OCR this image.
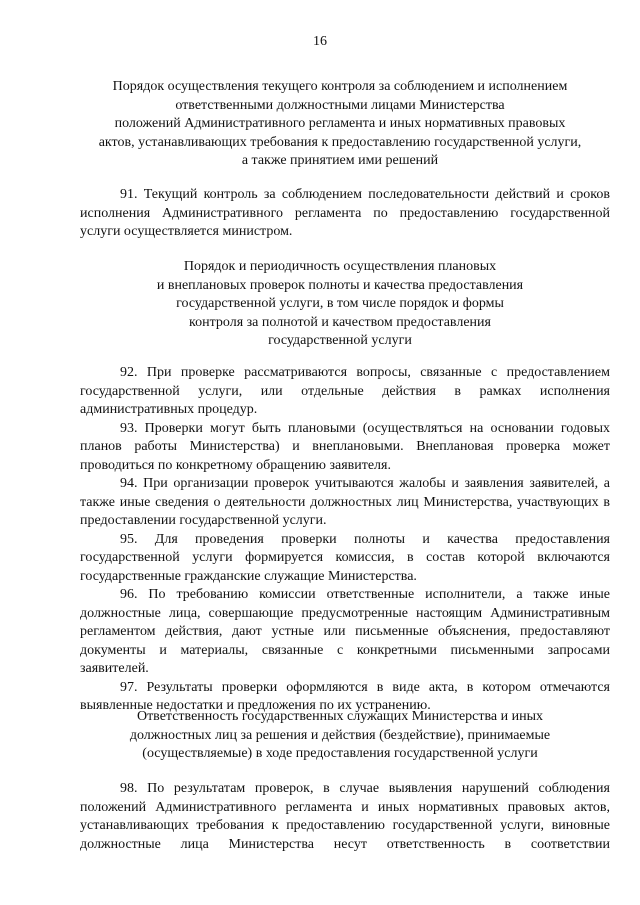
16
Порядок осуществления текущего контроля за соблюдением и исполнением
ответственными должностными лицами Министерства
положений Административного регламента и иных нормативных правовых
актов, устанавливающих требования к предоставлению государственной услуги,
а также принятием ими решений

91. Текущий контроль за соблюдением последовательности действий и сроков исполнения Административного регламента по предоставлению государственной услуги осуществляется министром.

Порядок и периодичность осуществления плановых
и внеплановых проверок полноты и качества предоставления
государственной услуги, в том числе порядок и формы
контроля за полнотой и качеством предоставления
государственной услуги

92. При проверке рассматриваются вопросы, связанные с предоставлением государственной услуги, или отдельные действия в рамках исполнения административных процедур.

93. Проверки могут быть плановыми (осуществляться на основании годовых планов работы Министерства) и внеплановыми. Внеплановая проверка может проводиться по конкретному обращению заявителя.

94. При организации проверок учитываются жалобы и заявления заявителей, а также иные сведения о деятельности должностных лиц Министерства, участвующих в предоставлении государственной услуги.

95. Для проведения проверки полноты и качества предоставления государственной услуги формируется комиссия, в состав которой включаются государственные гражданские служащие Министерства.

96. По требованию комиссии ответственные исполнители, а также иные должностные лица, совершающие предусмотренные настоящим Административным регламентом действия, дают устные или письменные объяснения, предоставляют документы и материалы, связанные с конкретными письменными запросами заявителей.

97. Результаты проверки оформляются в виде акта, в котором отмечаются выявленные недостатки и предложения по их устранению.

Ответственность государственных служащих Министерства и иных
должностных лиц за решения и действия (бездействие), принимаемые
(осуществляемые) в ходе предоставления государственной услуги

98. По результатам проверок, в случае выявления нарушений соблюдения положений Административного регламента и иных нормативных правовых актов, устанавливающих требования к предоставлению государственной услуги, виновные должностные лица Министерства несут ответственность в соответствии
